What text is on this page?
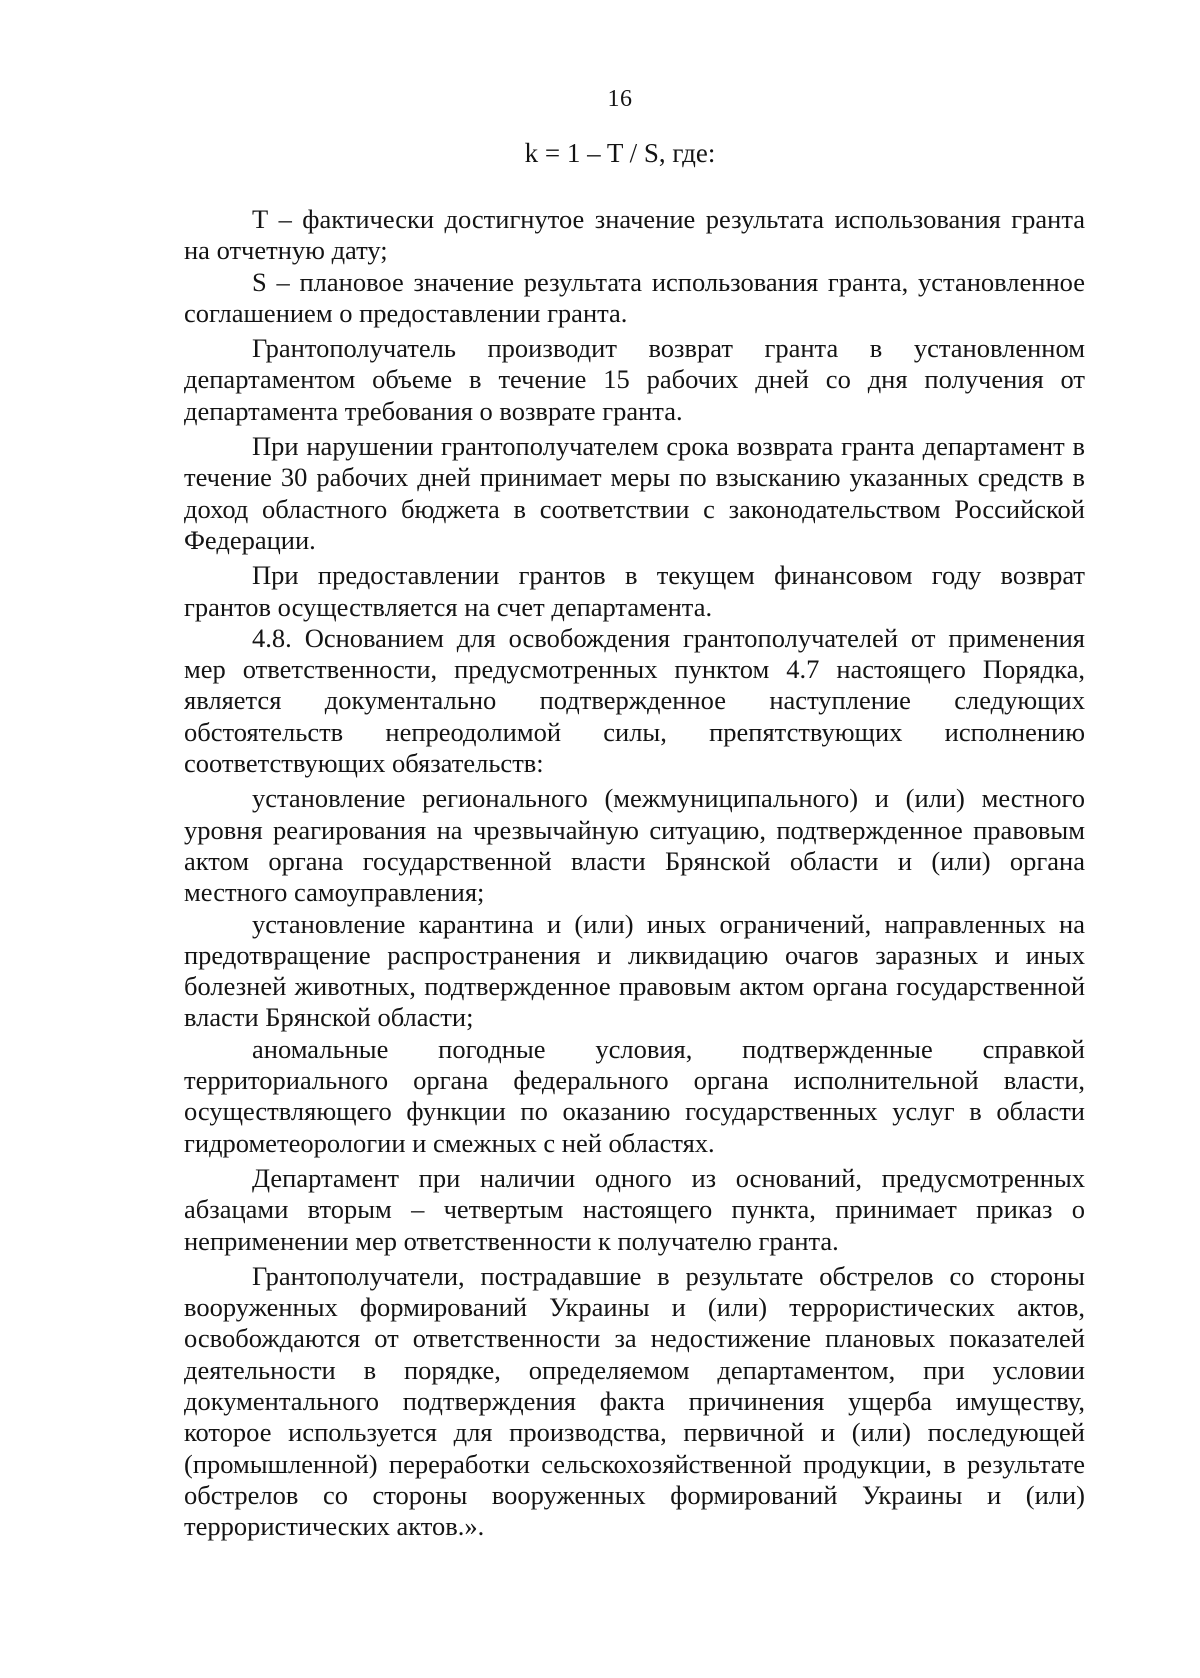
16
k = 1 – T / S, где:

Т – фактически достигнутое значение результата использования гранта на отчетную дату;

S – плановое значение результата использования гранта, установленное соглашением о предоставлении гранта.

Грантополучатель производит возврат гранта в установленном департаментом объеме в течение 15 рабочих дней со дня получения от департамента требования о возврате гранта.

При нарушении грантополучателем срока возврата гранта департамент в течение 30 рабочих дней принимает меры по взысканию указанных средств в доход областного бюджета в соответствии с законодательством Российской Федерации.

При предоставлении грантов в текущем финансовом году возврат грантов осуществляется на счет департамента.

4.8. Основанием для освобождения грантополучателей от применения мер ответственности, предусмотренных пунктом 4.7 настоящего Порядка, является документально подтвержденное наступление следующих обстоятельств непреодолимой силы, препятствующих исполнению соответствующих обязательств:

установление регионального (межмуниципального) и (или) местного уровня реагирования на чрезвычайную ситуацию, подтвержденное правовым актом органа государственной власти Брянской области и (или) органа местного самоуправления;

установление карантина и (или) иных ограничений, направленных на предотвращение распространения и ликвидацию очагов заразных и иных болезней животных, подтвержденное правовым актом органа государственной власти Брянской области;

аномальные погодные условия, подтвержденные справкой территориального органа федерального органа исполнительной власти, осуществляющего функции по оказанию государственных услуг в области гидрометеорологии и смежных с ней областях.

Департамент при наличии одного из оснований, предусмотренных абзацами вторым – четвертым настоящего пункта, принимает приказ о неприменении мер ответственности к получателю гранта.

Грантополучатели, пострадавшие в результате обстрелов со стороны вооруженных формирований Украины и (или) террористических актов, освобождаются от ответственности за недостижение плановых показателей деятельности в порядке, определяемом департаментом, при условии документального подтверждения факта причинения ущерба имуществу, которое используется для производства, первичной и (или) последующей (промышленной) переработки сельскохозяйственной продукции, в результате обстрелов со стороны вооруженных формирований Украины и (или) террористических актов.».
